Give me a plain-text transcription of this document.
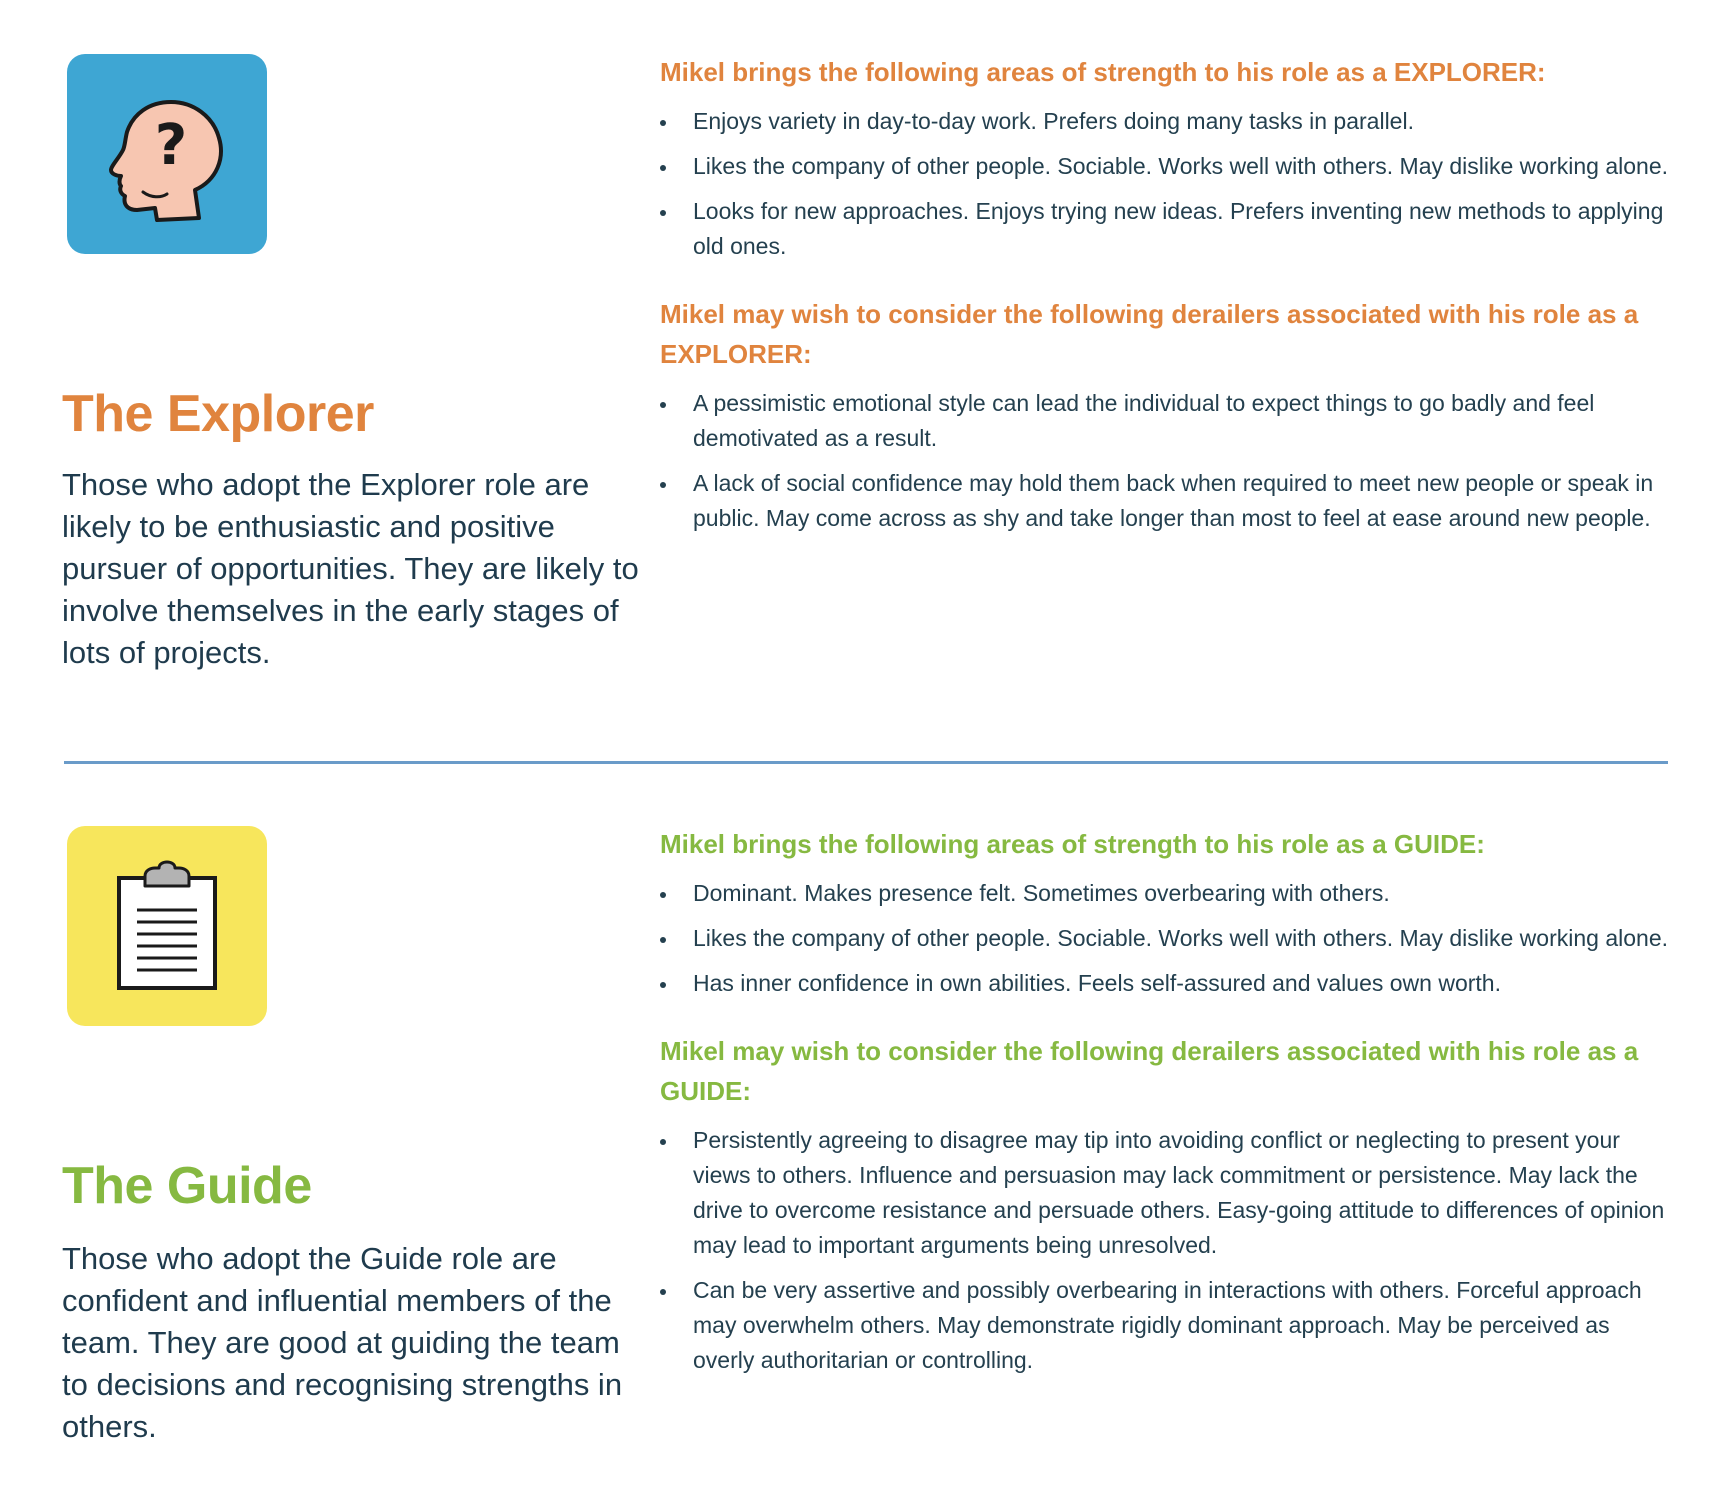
?
The Explorer

Those who adopt the Explorer role are likely to be enthusiastic and positive pursuer of opportunities. They are likely to involve themselves in the early stages of lots of projects.

Mikel brings the following areas of strength to his role as a EXPLORER:
Enjoys variety in day-to-day work. Prefers doing many tasks in parallel.
Likes the company of other people. Sociable. Works well with others. May dislike working alone.
Looks for new approaches. Enjoys trying new ideas. Prefers inventing new methods to applying old ones.
Mikel may wish to consider the following derailers associated with his role as a EXPLORER:
A pessimistic emotional style can lead the individual to expect things to go badly and feel demotivated as a result.
A lack of social confidence may hold them back when required to meet new people or speak in public. May come across as shy and take longer than most to feel at ease around new people.
The Guide

Those who adopt the Guide role are confident and influential members of the team. They are good at guiding the team to decisions and recognising strengths in others.

Mikel brings the following areas of strength to his role as a GUIDE:
Dominant. Makes presence felt. Sometimes overbearing with others.
Likes the company of other people. Sociable. Works well with others. May dislike working alone.
Has inner confidence in own abilities. Feels self-assured and values own worth.
Mikel may wish to consider the following derailers associated with his role as a GUIDE:
Persistently agreeing to disagree may tip into avoiding conflict or neglecting to present your views to others. Influence and persuasion may lack commitment or persistence. May lack the drive to overcome resistance and persuade others. Easy-going attitude to differences of opinion may lead to important arguments being unresolved.
Can be very assertive and possibly overbearing in interactions with others. Forceful approach may overwhelm others. May demonstrate rigidly dominant approach. May be perceived as overly authoritarian or controlling.
